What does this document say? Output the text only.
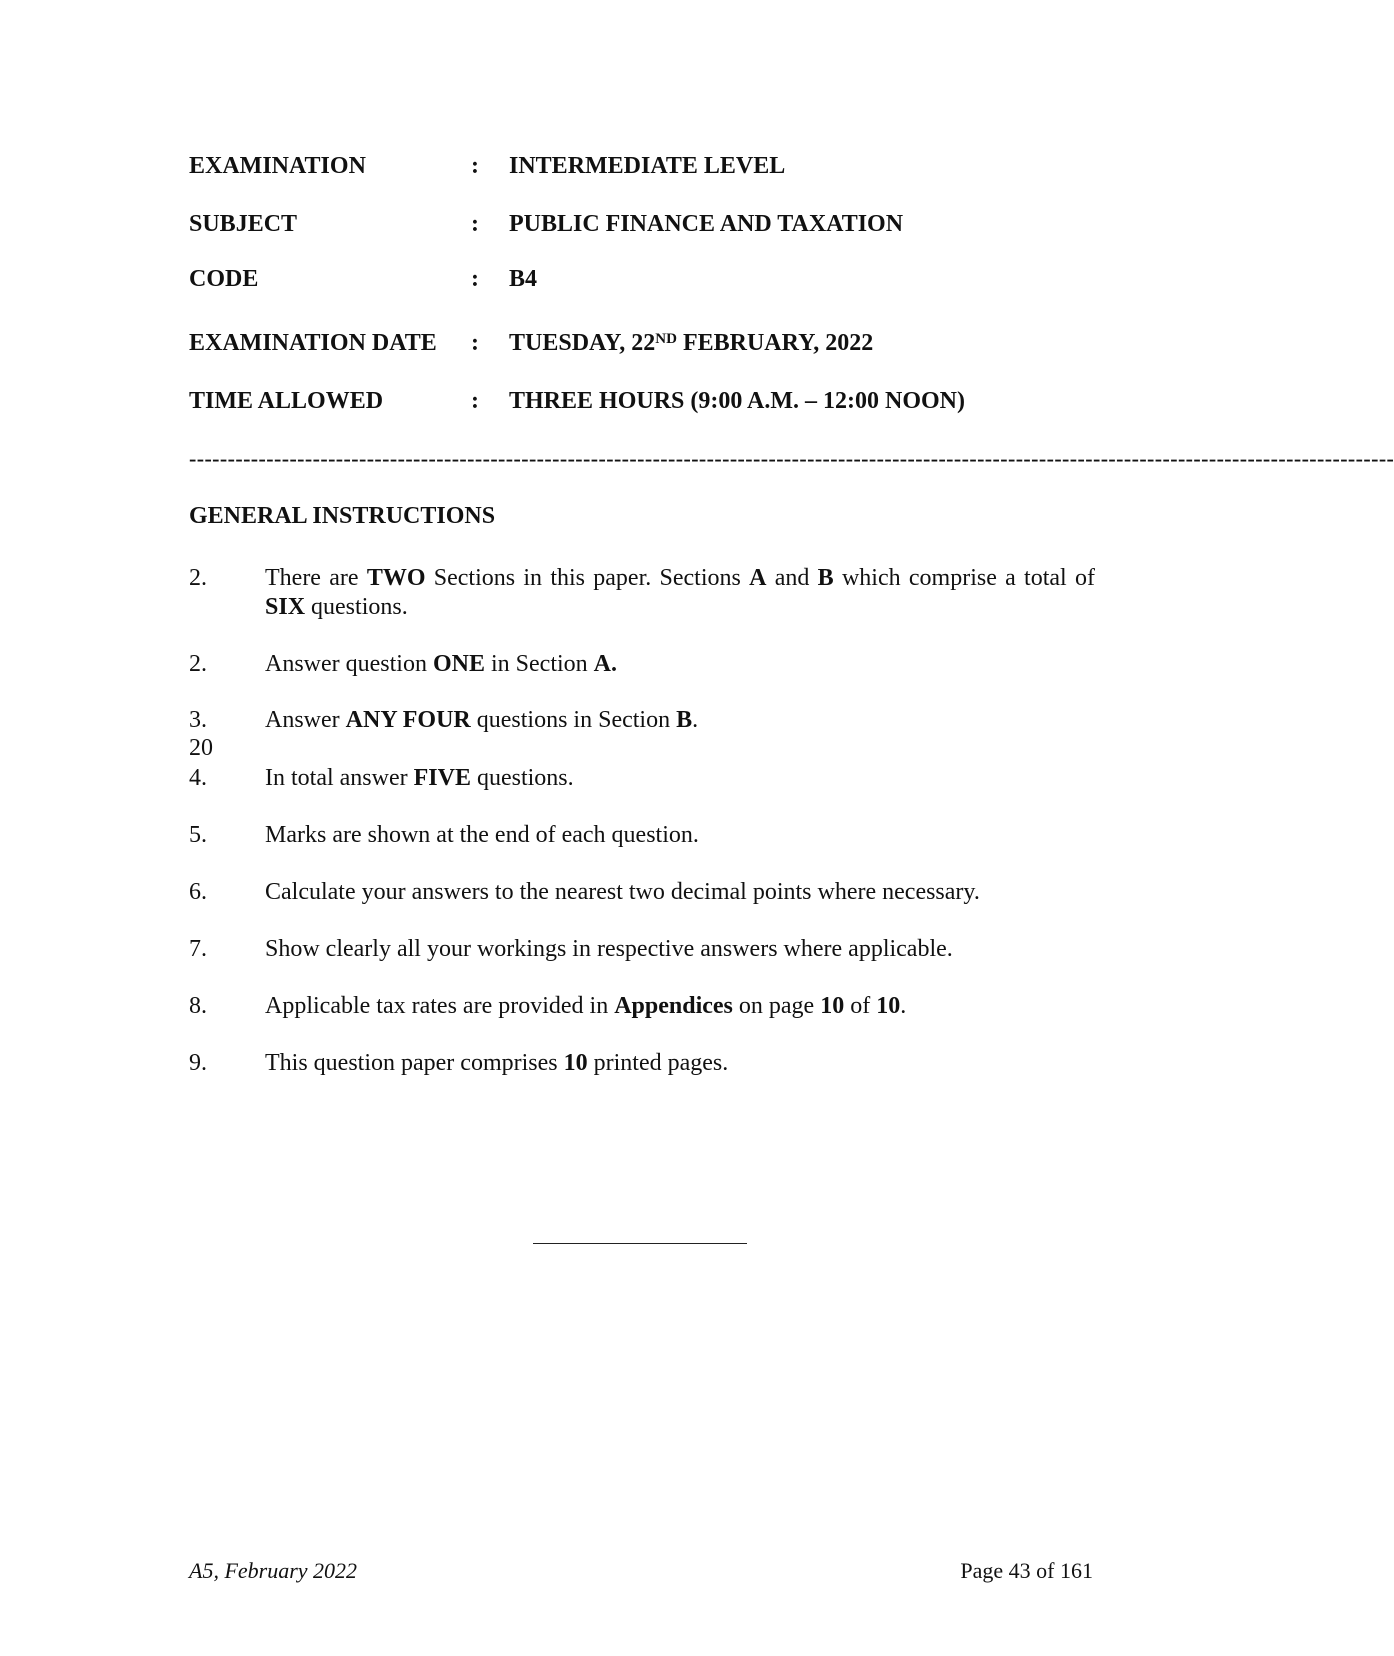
EXAMINATION	: INTERMEDIATE LEVEL
SUBJECT	: PUBLIC FINANCE AND TAXATION
CODE	: B4
EXAMINATION DATE	: TUESDAY, 22ND FEBRUARY, 2022
TIME ALLOWED	: THREE HOURS (9:00 A.M. – 12:00 NOON)
------------------------------------------------------------------------------------------------------------------------------------------------------------
GENERAL INSTRUCTIONS
2. There are TWO Sections in this paper. Sections A and B which comprise a total of SIX questions.
2. Answer question ONE in Section A.
3. Answer ANY FOUR questions in Section B.
4. In total answer FIVE questions.
5. Marks are shown at the end of each question.
6. Calculate your answers to the nearest two decimal points where necessary.
7. Show clearly all your workings in respective answers where applicable.
8. Applicable tax rates are provided in Appendices on page 10 of 10.
9. This question paper comprises 10 printed pages.
20
A5, February 2022	Page 43 of 161
